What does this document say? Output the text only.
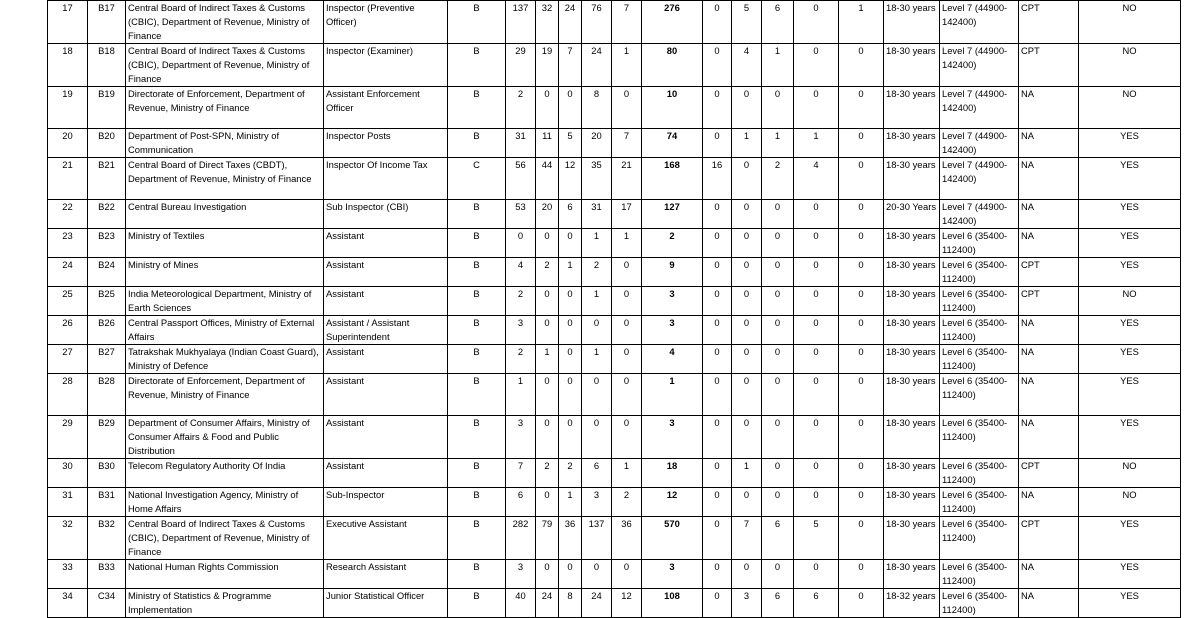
17	B17	Central Board of Indirect Taxes & Customs (CBIC), Department of Revenue, Ministry of Finance	Inspector (Preventive Officer)	B	137	32	24	76	7	276	0	5	6	0	1	18-30 years	Level 7 (44900-142400)	CPT	NO
18	B18	Central Board of Indirect Taxes & Customs (CBIC), Department of Revenue, Ministry of Finance	Inspector (Examiner)	B	29	19	7	24	1	80	0	4	1	0	0	18-30 years	Level 7 (44900-142400)	CPT	NO
19	B19	Directorate of Enforcement, Department of Revenue, Ministry of Finance	Assistant Enforcement Officer	B	2	0	0	8	0	10	0	0	0	0	0	18-30 years	Level 7 (44900-142400)	NA	NO
20	B20	Department of Post-SPN, Ministry of Communication	Inspector Posts	B	31	11	5	20	7	74	0	1	1	1	0	18-30 years	Level 7 (44900-142400)	NA	YES
21	B21	Central Board of Direct Taxes (CBDT), Department of Revenue, Ministry of Finance	Inspector Of Income Tax	C	56	44	12	35	21	168	16	0	2	4	0	18-30 years	Level 7 (44900-142400)	NA	YES
22	B22	Central Bureau Investigation	Sub Inspector (CBI)	B	53	20	6	31	17	127	0	0	0	0	0	20-30 Years	Level 7 (44900-142400)	NA	YES
23	B23	Ministry of Textiles	Assistant	B	0	0	0	1	1	2	0	0	0	0	0	18-30 years	Level 6 (35400-112400)	NA	YES
24	B24	Ministry of Mines	Assistant	B	4	2	1	2	0	9	0	0	0	0	0	18-30 years	Level 6 (35400-112400)	CPT	YES
25	B25	India Meteorological Department, Ministry of Earth Sciences	Assistant	B	2	0	0	1	0	3	0	0	0	0	0	18-30 years	Level 6 (35400-112400)	CPT	NO
26	B26	Central Passport Offices, Ministry of External Affairs	Assistant / Assistant Superintendent	B	3	0	0	0	0	3	0	0	0	0	0	18-30 years	Level 6 (35400-112400)	NA	YES
27	B27	Tatrakshak Mukhyalaya (Indian Coast Guard), Ministry of Defence	Assistant	B	2	1	0	1	0	4	0	0	0	0	0	18-30 years	Level 6 (35400-112400)	NA	YES
28	B28	Directorate of Enforcement, Department of Revenue, Ministry of Finance	Assistant	B	1	0	0	0	0	1	0	0	0	0	0	18-30 years	Level 6 (35400-112400)	NA	YES
29	B29	Department of Consumer Affairs, Ministry of Consumer Affairs & Food and Public Distribution	Assistant	B	3	0	0	0	0	3	0	0	0	0	0	18-30 years	Level 6 (35400-112400)	NA	YES
30	B30	Telecom Regulatory Authority Of India	Assistant	B	7	2	2	6	1	18	0	1	0	0	0	18-30 years	Level 6 (35400-112400)	CPT	NO
31	B31	National Investigation Agency, Ministry of Home Affairs	Sub-Inspector	B	6	0	1	3	2	12	0	0	0	0	0	18-30 years	Level 6 (35400-112400)	NA	NO
32	B32	Central Board of Indirect Taxes & Customs (CBIC), Department of Revenue, Ministry of Finance	Executive Assistant	B	282	79	36	137	36	570	0	7	6	5	0	18-30 years	Level 6 (35400-112400)	CPT	YES
33	B33	National Human Rights Commission	Research Assistant	B	3	0	0	0	0	3	0	0	0	0	0	18-30 years	Level 6 (35400-112400)	NA	YES
34	C34	Ministry of Statistics & Programme Implementation	Junior Statistical Officer	B	40	24	8	24	12	108	0	3	6	6	0	18-32 years	Level 6 (35400-112400)	NA	YES
